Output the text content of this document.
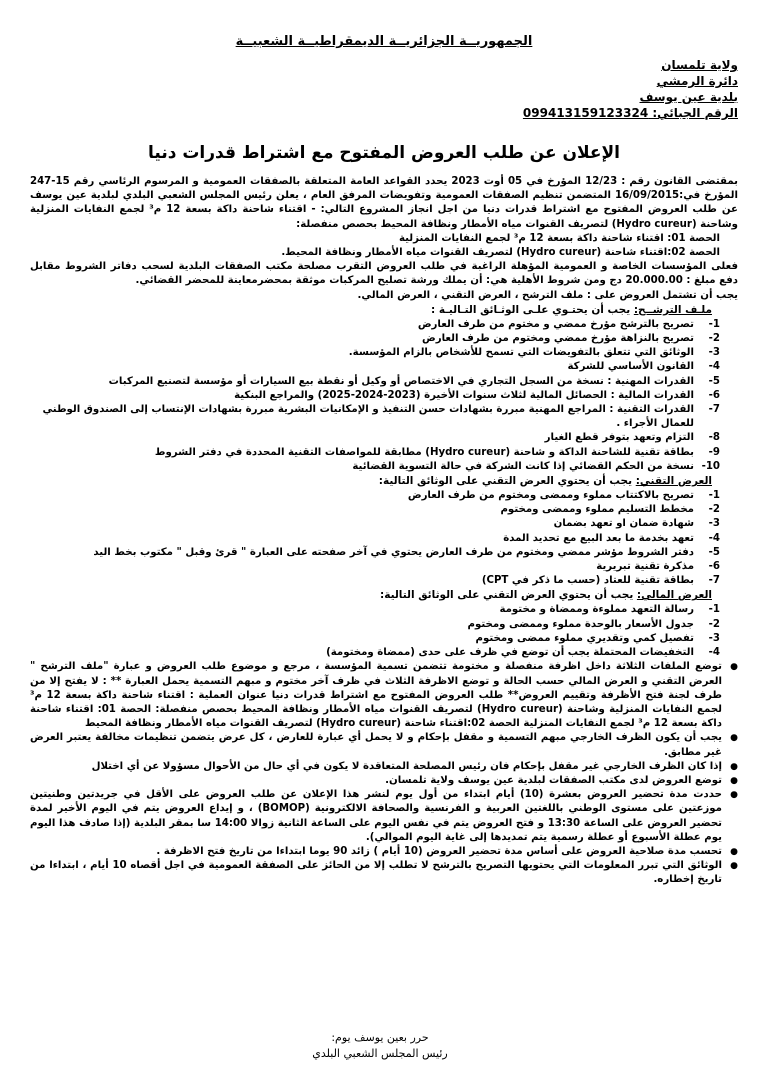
الجمهوريــة الجزائريــة الديمقراطيــة الشعبيــة
ولاية تلمسان
دائرة الرمشي
بلدية عين يوسف
الرقم الجبائي: 099413159123324
الإعلان عن طلب العروض المفتوح مع اشتراط قدرات دنيا

بمقتضى القانون رقم : 12/23 المؤرخ في 05 أوت 2023 يحدد القواعد العامة المتعلقة بالصفقات العمومية و المرسوم الرئاسي رقم 15-247 المؤرخ في:16/09/2015 المتضمن تنظيم الصفقات العمومية وتفويضات المرفق العام ، يعلن رئيس المجلس الشعبي البلدي لبلدية عين يوسف عن طلب العروض المفتوح مع اشتراط قدرات دنيا من اجل انجاز المشروع التالي: - اقتناء شاحنة داكة بسعة 12 م³ لجمع النفايات المنزلية وشاحنة (Hydro cureur) لتصريف القنوات مياه الأمطار ونظافة المحيط بحصص منفصلة:

الحصة 01: اقتناء شاحنة داكة بسعة 12 م³ لجمع النفايات المنزلية

الحصة 02:اقتناء شاحنة (Hydro cureur) لتصريف القنوات مياه الأمطار ونظافة المحيط.

فعلى المؤسسات الخاصة و العمومية المؤهلة الراغبة في طلب العروض التقرب مصلحة مكتب الصفقات البلدية لسحب دفاتر الشروط مقابل دفع مبلغ : 20.000.00 دج ومن شروط الأهلية هي: أن يملك ورشة تصليح المركبات موثقة بمحضرمعاينة للمحضر القضائي.

يجب أن تشتمل العروض على : ملف الترشح ، العرض التقني ، العرض المالي.

ملـف الترشــح: يجب أن يحتـوي علـى الوثـائق التـاليـة :
1-
تصريح بالترشح مؤرخ ممضي و مختوم من طرف العارض
2-
تصريح بالنزاهة مؤرخ ممضي ومختوم من طرف العارض
3-
الوثائق التي تتعلق بالتفويضات التي تسمح للأشخاص بالزام المؤسسة.
4-
القانون الأساسي للشركة
5-
القدرات المهنية : نسخة من السجل التجاري في الاختصاص أو وكيل أو نقطة بيع السيارات أو مؤسسة لتصنيع المركبات
6-
القدرات المالية : الحصائل المالية لثلاث سنوات الأخيرة (2023-2024-2025) والمراجع البنكية
7-
القدرات التقنية : المراجع المهنية مبررة بشهادات حسن التنفيذ و الإمكانيات البشرية مبررة بشهادات الإنتساب إلى الصندوق الوطني للعمال الأجراء .
8-
التزام وتعهد بتوفر قطع الغيار
9-
بطاقة تقنية للشاحنة الداكة و شاحنة (Hydro cureur) مطابقة للمواصفات التقنية المحددة في دفتر الشروط
10-
نسخة من الحكم القضائي إذا كانت الشركة في حالة التسوية القضائية
العرض التقني: يجب أن يحتوي العرض التقني على الوثائق التالية:
1-
تصريح بالاكتتاب مملوء وممضى ومختوم من طرف العارض
2-
مخطط التسليم مملوء وممضى ومختوم
3-
شهادة ضمان او تعهد بضمان
4-
تعهد بخدمة ما بعد البيع مع تحديد المدة
5-
دفتر الشروط مؤشر ممضي ومختوم من طرف العارض يحتوي في آخر صفحته على العبارة " قرئ وقبل " مكتوب بخط اليد
6-
مذكرة تقنية تبريرية
7-
بطاقة تقنية للعتاد (حسب ما ذكر في CPT)
العرض المالي: يجب أن يحتوي العرض التقني على الوثائق التالية:
1-
رسالة التعهد مملوءة وممضاة و مختومة
2-
جدول الأسعار بالوحدة مملوء وممضى ومختوم
3-
تفصيل كمي وتقديري مملوء ممضى ومختوم
4-
التخفيضات المحتملة يجب أن توضع في ظرف على حدى (ممضاة ومختومة)
●
توضع الملفات الثلاثة داخل اظرفة منفصلة و مختومة تتضمن تسمية المؤسسة ، مرجع و موضوع طلب العروض و عبارة "ملف الترشح " العرض التقني و العرض المالي حسب الحالة و توضع الاظرفة الثلاث في ظرف آخر مختوم و مبهم التسمية يحمل العبارة ** : لا يفتح إلا من طرف لجنة فتح الأظرفة وتقييم العروض** طلب العروض المفتوح مع اشتراط قدرات دنيا عنوان العملية : اقتناء شاحنة داكة بسعة 12 م³ لجمع النفايات المنزلية وشاحنة (Hydro cureur) لتصريف القنوات مياه الأمطار ونظافة المحيط بحصص منفصلة: الحصة 01: اقتناء شاحنة داكة بسعة 12 م³ لجمع النفايات المنزلية الحصة 02:اقتناء شاحنة (Hydro cureur) لتصريف القنوات مياه الأمطار ونظافة المحيط
●
يجب أن يكون الظرف الخارجي مبهم التسمية و مقفل بإحكام و لا يحمل أي عبارة للعارض ، كل عرض يتضمن تنظيمات مخالفة يعتبر العرض غير مطابق.
●
إذا كان الظرف الخارجي غير مقفل بإحكام فان رئيس المصلحة المتعاقدة لا يكون في أي حال من الأحوال مسؤولا عن أي اختلال
●
توضع العروض لدى مكتب الصفقات لبلدية عين يوسف ولاية تلمسان.
●
حددت مدة تحضير العروض بعشرة (10) أيام ابتداء من أول يوم لنشر هذا الإعلان عن طلب العروض على الأقل في جريدتين وطنيتين موزعتين على مستوى الوطني باللغتين العربية و الفرنسية والصحافة الالكترونية (BOMOP) ، و إيداع العروض يتم في اليوم الأخير لمدة تحضير العروض على الساعة 13:30 و فتح العروض يتم في نفس اليوم على الساعة الثانية زوالا 14:00 سا بمقر البلدية (إذا صادف هذا اليوم يوم عطلة الأسبوع أو عطلة رسمية يتم تمديدها إلى غاية اليوم الموالي).
●
تحسب مدة صلاحية العروض على أساس مدة تحضير العروض (10 أيام ) زائد 90 يوما ابتداءا من تاريخ فتح الاظرفة .
●
الوثائق التي تبرر المعلومات التي يحتويها التصريح بالترشح لا تطلب إلا من الحائز على الصفقة العمومية في اجل أقصاه 10 أيام ، ابتداءا من تاريخ إخطاره.
حرر بعين يوسف يوم:
رئيس المجلس الشعبي البلدي
